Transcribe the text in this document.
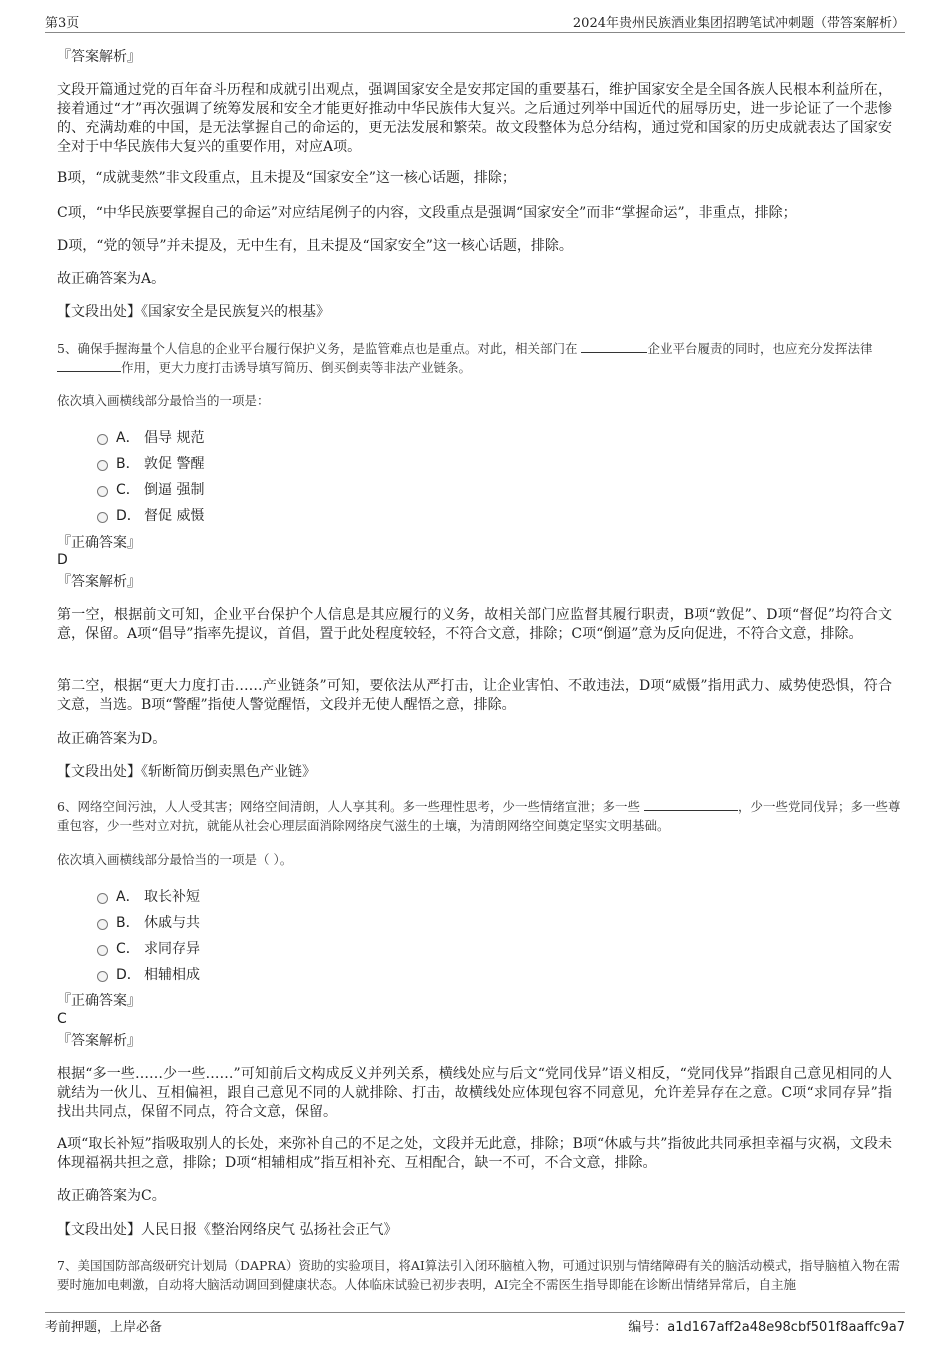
第3页	2024年贵州民族酒业集团招聘笔试冲刺题（带答案解析）
『答案解析』

文段开篇通过党的百年奋斗历程和成就引出观点，强调国家安全是安邦定国的重要基石，维护国家安全是全国各族人民根本利益所在，接着通过“才”再次强调了统筹发展和安全才能更好推动中华民族伟大复兴。之后通过列举中国近代的屈辱历史，进一步论证了一个悲惨的、充满劫难的中国，是无法掌握自己的命运的，更无法发展和繁荣。故文段整体为总分结构，通过党和国家的历史成就表达了国家安全对于中华民族伟大复兴的重要作用，对应A项。

B项，“成就斐然”非文段重点，且未提及“国家安全”这一核心话题，排除；

C项，“中华民族要掌握自己的命运”对应结尾例子的内容，文段重点是强调“国家安全”而非“掌握命运”，非重点，排除；

D项，“党的领导”并未提及，无中生有，且未提及“国家安全”这一核心话题，排除。

故正确答案为A。

【文段出处】《国家安全是民族复兴的根基》

5、确保手握海量个人信息的企业平台履行保护义务，是监管难点也是重点。对此，相关部门在	企业平台履责的同时，也应充分发挥法律 作用，更大力度打击诱导填写简历、倒买倒卖等非法产业链条。

依次填入画横线部分最恰当的一项是：

A． 倡导 规范
B． 敦促 警醒
C． 倒逼 强制
D． 督促 威慑
『正确答案』
D
『答案解析』

第一空，根据前文可知，企业平台保护个人信息是其应履行的义务，故相关部门应监督其履行职责，B项“敦促”、D项“督促”均符合文意，保留。A项“倡导”指率先提议，首倡，置于此处程度较轻，不符合文意，排除；C项“倒逼”意为反向促进，不符合文意，排除。

第二空，根据“更大力度打击……产业链条”可知，要依法从严打击，让企业害怕、不敢违法，D项“威慑”指用武力、威势使恐惧，符合文意，当选。B项“警醒”指使人警觉醒悟，文段并无使人醒悟之意，排除。

故正确答案为D。

【文段出处】《斩断简历倒卖黑色产业链》

6、网络空间污浊，人人受其害；网络空间清朗，人人享其利。多一些理性思考，少一些情绪宣泄；多一些	，少一些党同伐异；多一些尊重包容，少一些对立对抗，就能从社会心理层面消除网络戾气滋生的土壤，为清朗网络空间奠定坚实文明基础。

依次填入画横线部分最恰当的一项是（ ）。

A． 取长补短
B． 休戚与共
C． 求同存异
D． 相辅相成
『正确答案』
C
『答案解析』

根据“多一些……少一些……”可知前后文构成反义并列关系，横线处应与后文“党同伐异”语义相反，“党同伐异”指跟自己意见相同的人就结为一伙儿、互相偏袒，跟自己意见不同的人就排除、打击，故横线处应体现包容不同意见，允许差异存在之意。C项“求同存异”指找出共同点，保留不同点，符合文意，保留。

A项“取长补短”指吸取别人的长处，来弥补自己的不足之处，文段并无此意，排除；B项“休戚与共”指彼此共同承担幸福与灾祸，文段未体现福祸共担之意，排除；D项“相辅相成”指互相补充、互相配合，缺一不可，不合文意，排除。

故正确答案为C。

【文段出处】人民日报《整治网络戾气 弘扬社会正气》

7、美国国防部高级研究计划局（DAPRA）资助的实验项目，将AI算法引入闭环脑植入物，可通过识别与情绪障碍有关的脑活动模式，指导脑植入物在需要时施加电刺激，自动将大脑活动调回到健康状态。人体临床试验已初步表明，AI完全不需医生指导即能在诊断出情绪异常后，自主施

考前押题，上岸必备	编号：a1d167aff2a48e98cbf501f8aaffc9a7
